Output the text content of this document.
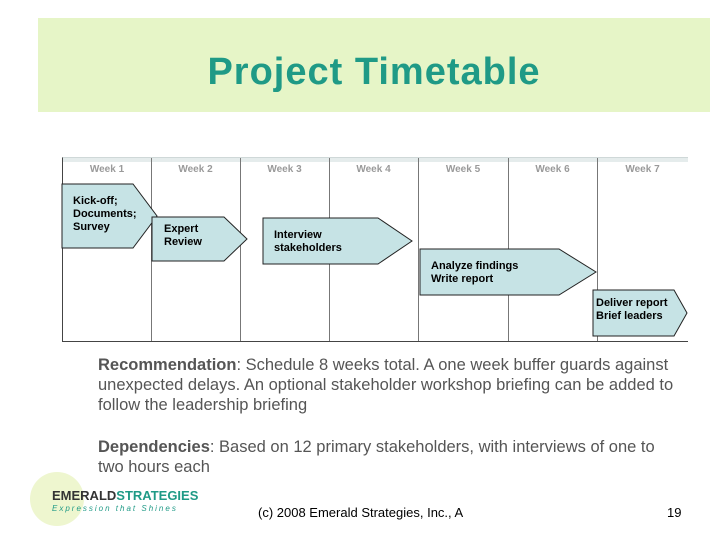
Project Timetable
Week 1	Week 2	Week 3	Week 4	Week 5	Week 6	Week 7
Kick-off;
Documents;
Survey	Expert
Review
Interview
stakeholders
Analyze findings
Write report
Deliver report
Brief leaders
Recommendation: Schedule 8 weeks total. A one week buffer guards against unexpected delays. An optional stakeholder workshop briefing can be added to follow the leadership briefing
Dependencies: Based on 12 primary stakeholders, with interviews of one to two hours each
EMERALDSTRATEGIES
Expression that Shines	(c) 2008 Emerald Strategies, Inc., A	19
